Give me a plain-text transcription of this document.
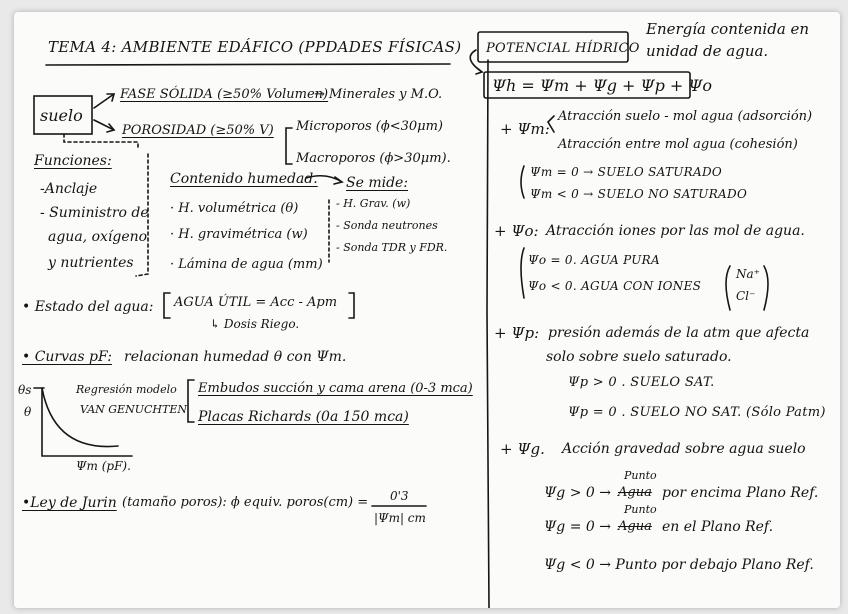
TEMA 4: AMBIENTE EDÁFICO (PPDADES FÍSICAS) POTENCIAL HÍDRICO
Energía contenida en
unidad de agua.
Ψh = Ψm + Ψg + Ψp + Ψo
suelo
FASE SÓLIDA (≥50% Volumen)
→ Minerales y M.O.
POROSIDAD (≥50% V) Microporos (ϕ<30μm)
Macroporos (ϕ>30μm).
Funciones:
-Anclaje
- Suministro de
agua, oxígeno
y nutrientes
Contenido humedad.
· H. volumétrica (θ)
· H. gravimétrica (w)
· Lámina de agua (mm)
Se mide:
- H. Grav. (w)
- Sonda neutrones
- Sonda TDR y FDR.
• Estado del agua: AGUA ÚTIL = Acc - Apm
↳ Dosis Riego.
• Curvas pF: relacionan humedad θ con Ψm.
θs
θ
Regresión modelo
VAN GENUCHTEN
Ψm (pF).
Embudos succión y cama arena (0-3 mca)
Placas Richards (0a 150 mca)
•Ley de Jurin (tamaño poros): ϕ equiv. poros(cm) = 0'3
|Ψm| cm
+ Ψm:
Atracción suelo - mol agua (adsorción)
Atracción entre mol agua (cohesión)
Ψm = 0 → SUELO SATURADO
Ψm < 0 → SUELO NO SATURADO
+ Ψo: Atracción iones por las mol de agua.
Ψo = 0. AGUA PURA
Ψo < 0. AGUA CON IONES
Na⁺
Cl⁻
+ Ψp: presión además de la atm que afecta
solo sobre suelo saturado.
Ψp > 0 . SUELO SAT.
Ψp = 0 . SUELO NO SAT. (Sólo Patm)
+ Ψg. Acción gravedad sobre agua suelo
Ψg > 0 →
Punto
Agua por encima Plano Ref.
Ψg = 0 →
Punto
Agua en el Plano Ref.
Ψg < 0 → Punto por debajo Plano Ref.
